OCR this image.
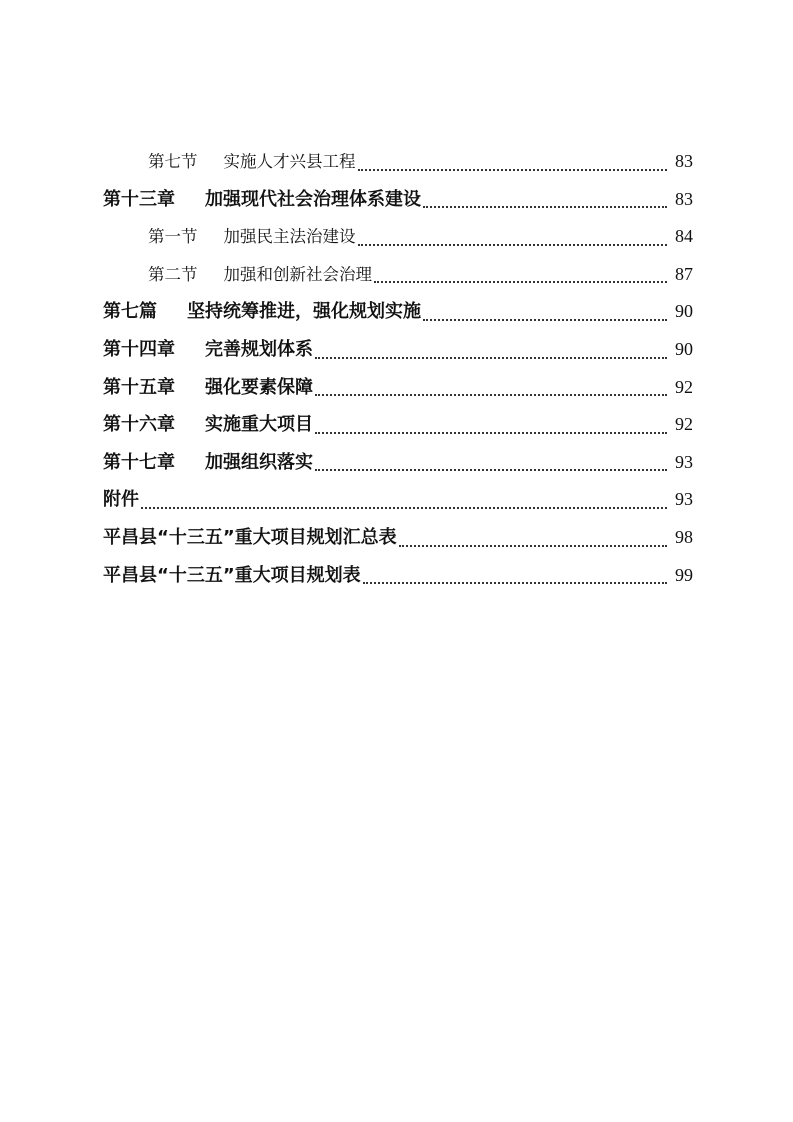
第七节 实施人才兴县工程	83
第十三章 加强现代社会治理体系建设	83
第一节 加强民主法治建设	84
第二节 加强和创新社会治理	87
第七篇 坚持统筹推进，强化规划实施	90
第十四章 完善规划体系	90
第十五章 强化要素保障	92
第十六章 实施重大项目	92
第十七章 加强组织落实	93
附件	93
平昌县“十三五”重大项目规划汇总表	98
平昌县“十三五”重大项目规划表	99
